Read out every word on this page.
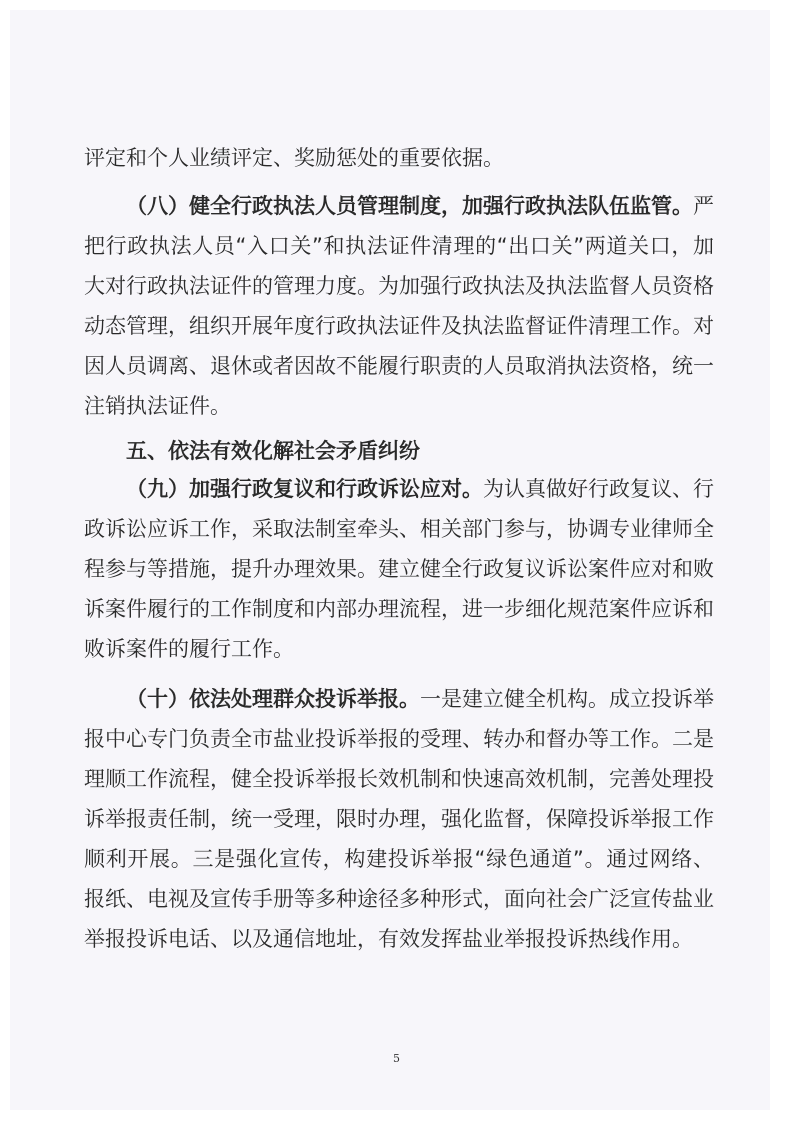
评定和个人业绩评定、奖励惩处的重要依据。

（八）健全行政执法人员管理制度，加强行政执法队伍监管。严把行政执法人员“入口关”和执法证件清理的“出口关”两道关口，加大对行政执法证件的管理力度。为加强行政执法及执法监督人员资格动态管理，组织开展年度行政执法证件及执法监督证件清理工作。对因人员调离、退休或者因故不能履行职责的人员取消执法资格，统一注销执法证件。

五、依法有效化解社会矛盾纠纷

（九）加强行政复议和行政诉讼应对。为认真做好行政复议、行政诉讼应诉工作，采取法制室牵头、相关部门参与，协调专业律师全程参与等措施，提升办理效果。建立健全行政复议诉讼案件应对和败诉案件履行的工作制度和内部办理流程，进一步细化规范案件应诉和败诉案件的履行工作。

（十）依法处理群众投诉举报。一是建立健全机构。成立投诉举报中心专门负责全市盐业投诉举报的受理、转办和督办等工作。二是理顺工作流程，健全投诉举报长效机制和快速高效机制，完善处理投诉举报责任制，统一受理，限时办理，强化监督，保障投诉举报工作顺利开展。三是强化宣传，构建投诉举报“绿色通道”。通过网络、报纸、电视及宣传手册等多种途径多种形式，面向社会广泛宣传盐业举报投诉电话、以及通信地址，有效发挥盐业举报投诉热线作用。

5
